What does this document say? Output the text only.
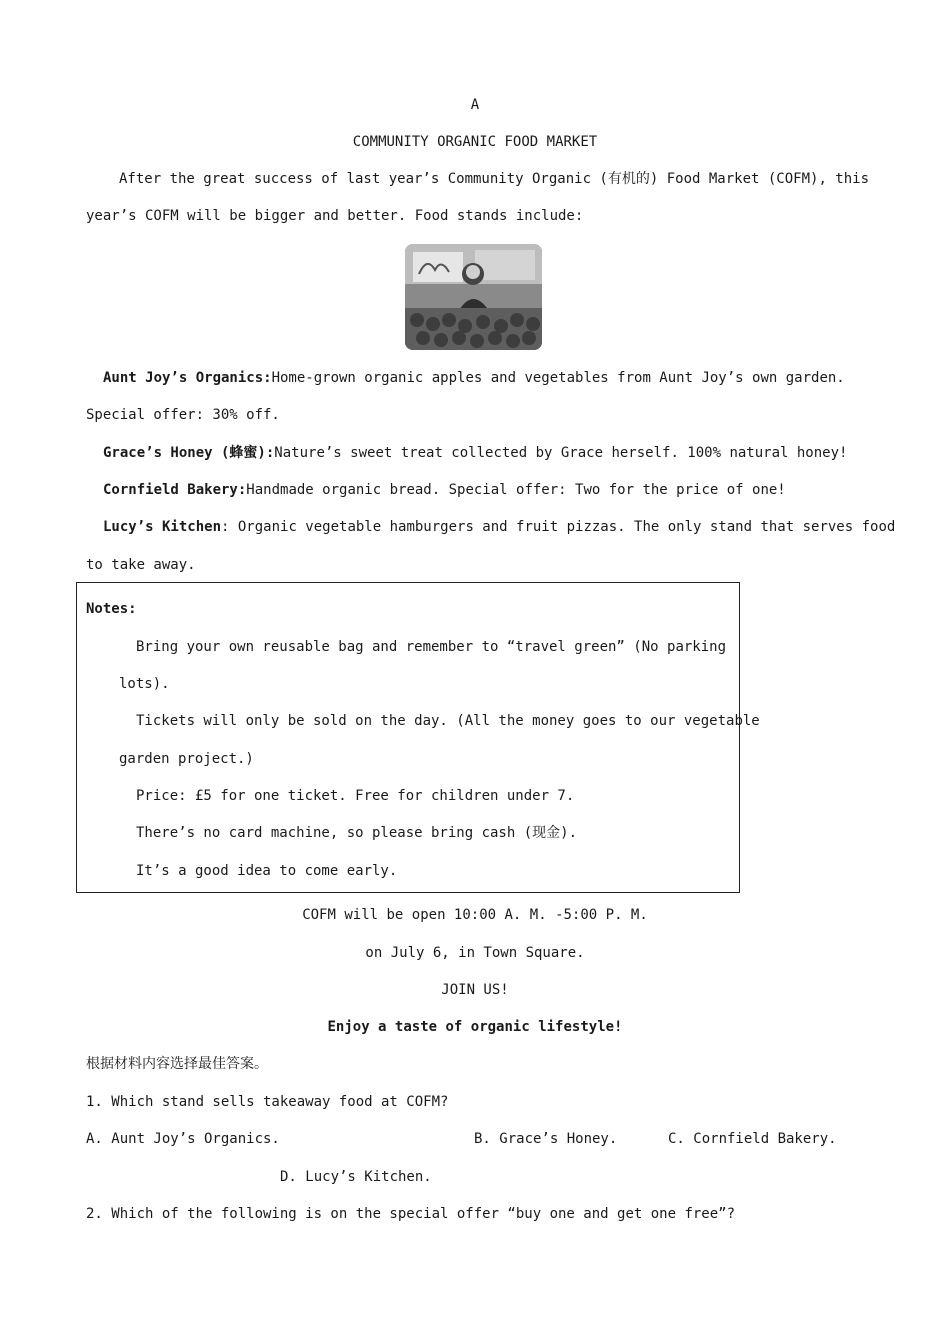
A
COMMUNITY ORGANIC FOOD MARKET
After the great success of last year’s Community Organic (有机的) Food Market (COFM), this
year’s COFM will be bigger and better. Food stands include:
Aunt Joy’s Organics:Home-grown organic apples and vegetables from Aunt Joy’s own garden.
Special offer: 30% off.
Grace’s Honey (蜂蜜):Nature’s sweet treat collected by Grace herself. 100% natural honey!
Cornfield Bakery:Handmade organic bread. Special offer: Two for the price of one!
Lucy’s Kitchen: Organic vegetable hamburgers and fruit pizzas. The only stand that serves food
to take away.
Notes:
Bring your own reusable bag and remember to “travel green” (No parking
lots).
Tickets will only be sold on the day. (All the money goes to our vegetable
garden project.)
Price: £5 for one ticket. Free for children under 7.
There’s no card machine, so please bring cash (现金).
It’s a good idea to come early.
COFM will be open 10:00 A. M. -5:00 P. M.
on July 6, in Town Square.
JOIN US!
Enjoy a taste of organic lifestyle!
根据材料内容选择最佳答案。
1. Which stand sells takeaway food at COFM?
A. Aunt Joy’s Organics.	B. Grace’s Honey.	C. Cornfield Bakery.
D. Lucy’s Kitchen.
2. Which of the following is on the special offer “buy one and get one free”?
